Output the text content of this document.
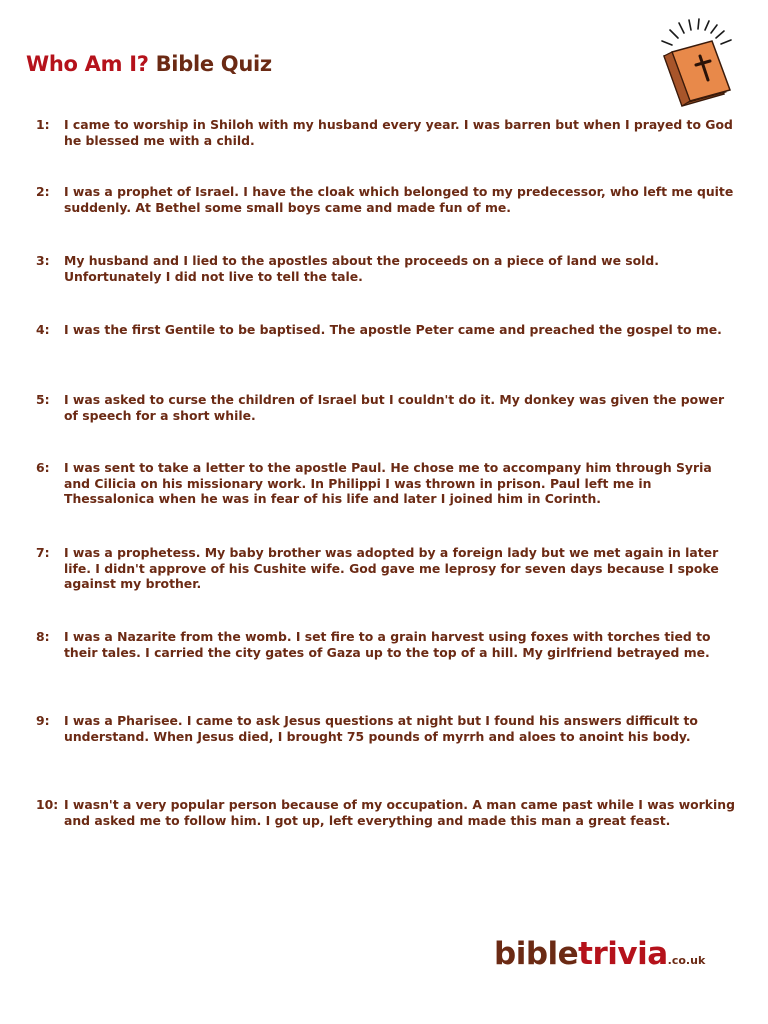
Who Am I? Bible Quiz
1:	I came to worship in Shiloh with my husband every year. I was barren but when I prayed to God he blessed me with a child.
2:	I was a prophet of Israel. I have the cloak which belonged to my predecessor, who left me quite suddenly. At Bethel some small boys came and made fun of me.
3:	My husband and I lied to the apostles about the proceeds on a piece of land we sold. Unfortunately I did not live to tell the tale.
4:	I was the first Gentile to be baptised. The apostle Peter came and preached the gospel to me.
5:	I was asked to curse the children of Israel but I couldn't do it. My donkey was given the power of speech for a short while.
6:	I was sent to take a letter to the apostle Paul. He chose me to accompany him through Syria and Cilicia on his missionary work. In Philippi I was thrown in prison. Paul left me in Thessalonica when he was in fear of his life and later I joined him in Corinth.
7:	I was a prophetess. My baby brother was adopted by a foreign lady but we met again in later life. I didn't approve of his Cushite wife. God gave me leprosy for seven days because I spoke against my brother.
8:	I was a Nazarite from the womb. I set fire to a grain harvest using foxes with torches tied to their tales. I carried the city gates of Gaza up to the top of a hill. My girlfriend betrayed me.
9:	I was a Pharisee. I came to ask Jesus questions at night but I found his answers difficult to understand. When Jesus died, I brought 75 pounds of myrrh and aloes to anoint his body.
10: I wasn't a very popular person because of my occupation. A man came past while I was working and asked me to follow him. I got up, left everything and made this man a great feast.
bibletrivia.co.uk
